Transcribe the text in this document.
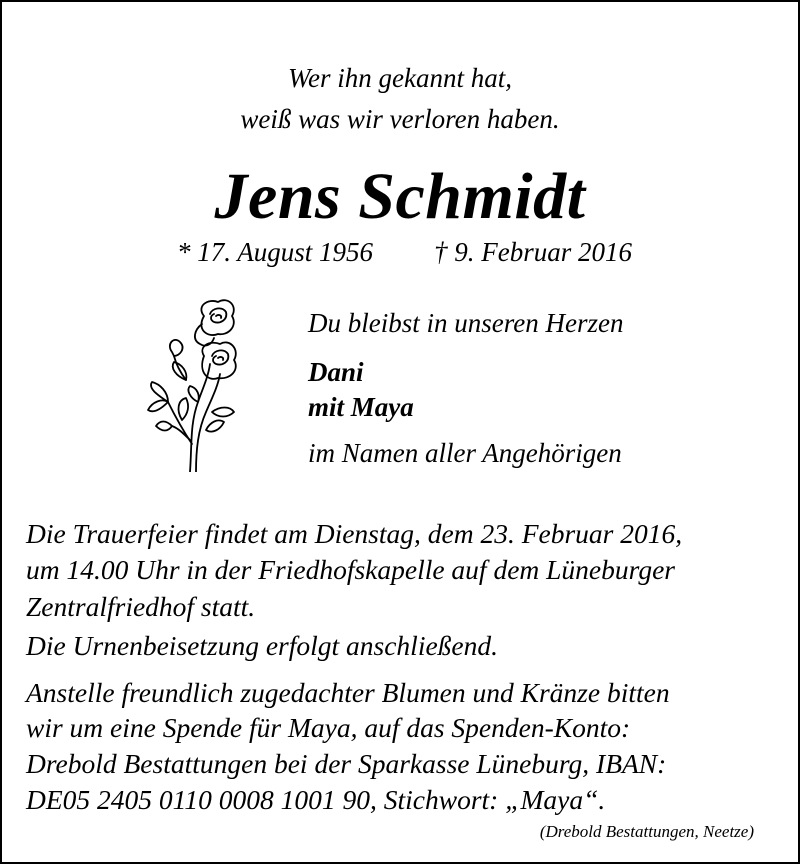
Wer ihn gekannt hat,
weiß was wir verloren haben.
Jens Schmidt
* 17. August 1956 † 9. Februar 2016
Du bleibst in unseren Herzen
Dani
mit Maya
im Namen aller Angehörigen
Die Trauerfeier findet am Dienstag, dem 23. Februar 2016,
um 14.00 Uhr in der Friedhofskapelle auf dem Lüneburger
Zentralfriedhof statt.
Die Urnenbeisetzung erfolgt anschließend.
Anstelle freundlich zugedachter Blumen und Kränze bitten
wir um eine Spende für Maya, auf das Spenden-Konto:
Drebold Bestattungen bei der Sparkasse Lüneburg, IBAN:
DE05 2405 0110 0008 1001 90, Stichwort: „Maya“.
(Drebold Bestattungen, Neetze)
